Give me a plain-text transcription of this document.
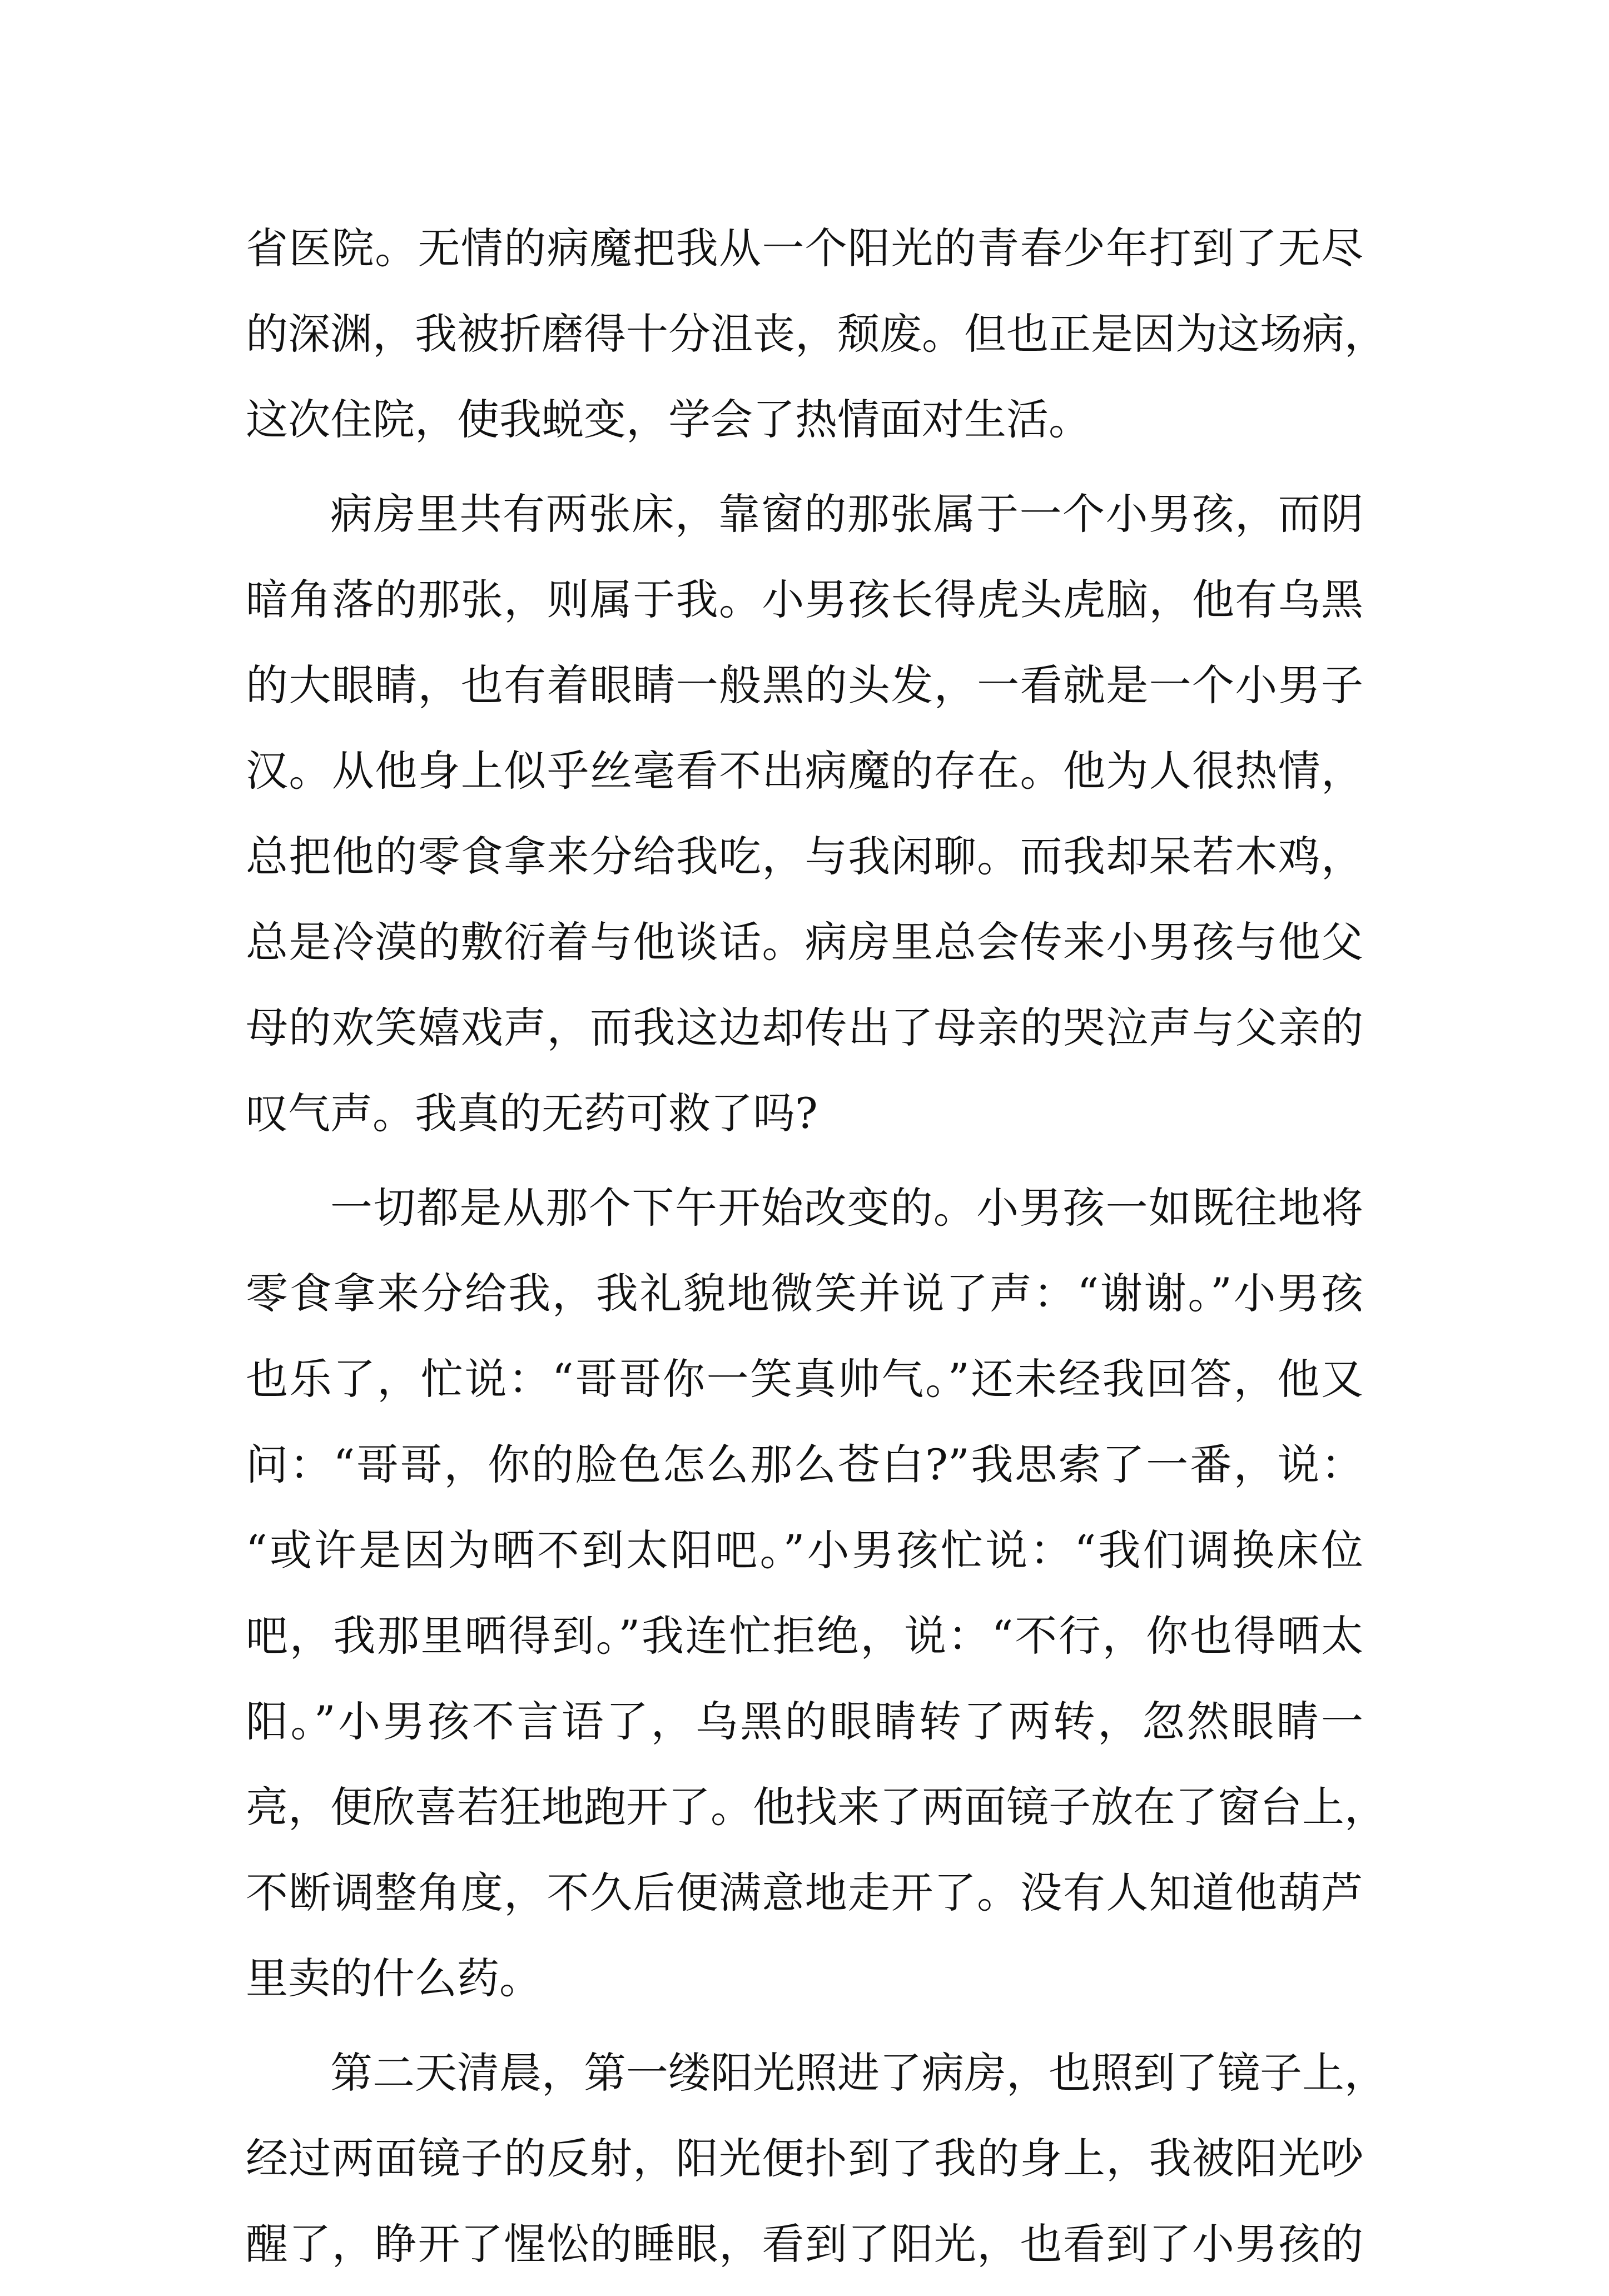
省医院。无情的病魔把我从一个阳光的青春少年打到了无尽
的深渊，我被折磨得十分沮丧，颓废。但也正是因为这场病，
这次住院，使我蜕变，学会了热情面对生活。
病房里共有两张床，靠窗的那张属于一个小男孩，而阴
暗角落的那张，则属于我。小男孩长得虎头虎脑，他有乌黑
的大眼睛，也有着眼睛一般黑的头发，一看就是一个小男子
汉。从他身上似乎丝毫看不出病魔的存在。他为人很热情，
总把他的零食拿来分给我吃，与我闲聊。而我却呆若木鸡，
总是冷漠的敷衍着与他谈话。病房里总会传来小男孩与他父
母的欢笑嬉戏声，而我这边却传出了母亲的哭泣声与父亲的
叹气声。我真的无药可救了吗?
一切都是从那个下午开始改变的。小男孩一如既往地将
零食拿来分给我，我礼貌地微笑并说了声：“谢谢。”小男孩
也乐了，忙说：“哥哥你一笑真帅气。”还未经我回答，他又
问：“哥哥，你的脸色怎么那么苍白?”我思索了一番，说：
“或许是因为晒不到太阳吧。”小男孩忙说：“我们调换床位
吧，我那里晒得到。”我连忙拒绝，说：“不行，你也得晒太
阳。”小男孩不言语了，乌黑的眼睛转了两转，忽然眼睛一
亮，便欣喜若狂地跑开了。他找来了两面镜子放在了窗台上，
不断调整角度，不久后便满意地走开了。没有人知道他葫芦
里卖的什么药。
第二天清晨，第一缕阳光照进了病房，也照到了镜子上，
经过两面镜子的反射，阳光便扑到了我的身上，我被阳光吵
醒了，睁开了惺忪的睡眼，看到了阳光，也看到了小男孩的
